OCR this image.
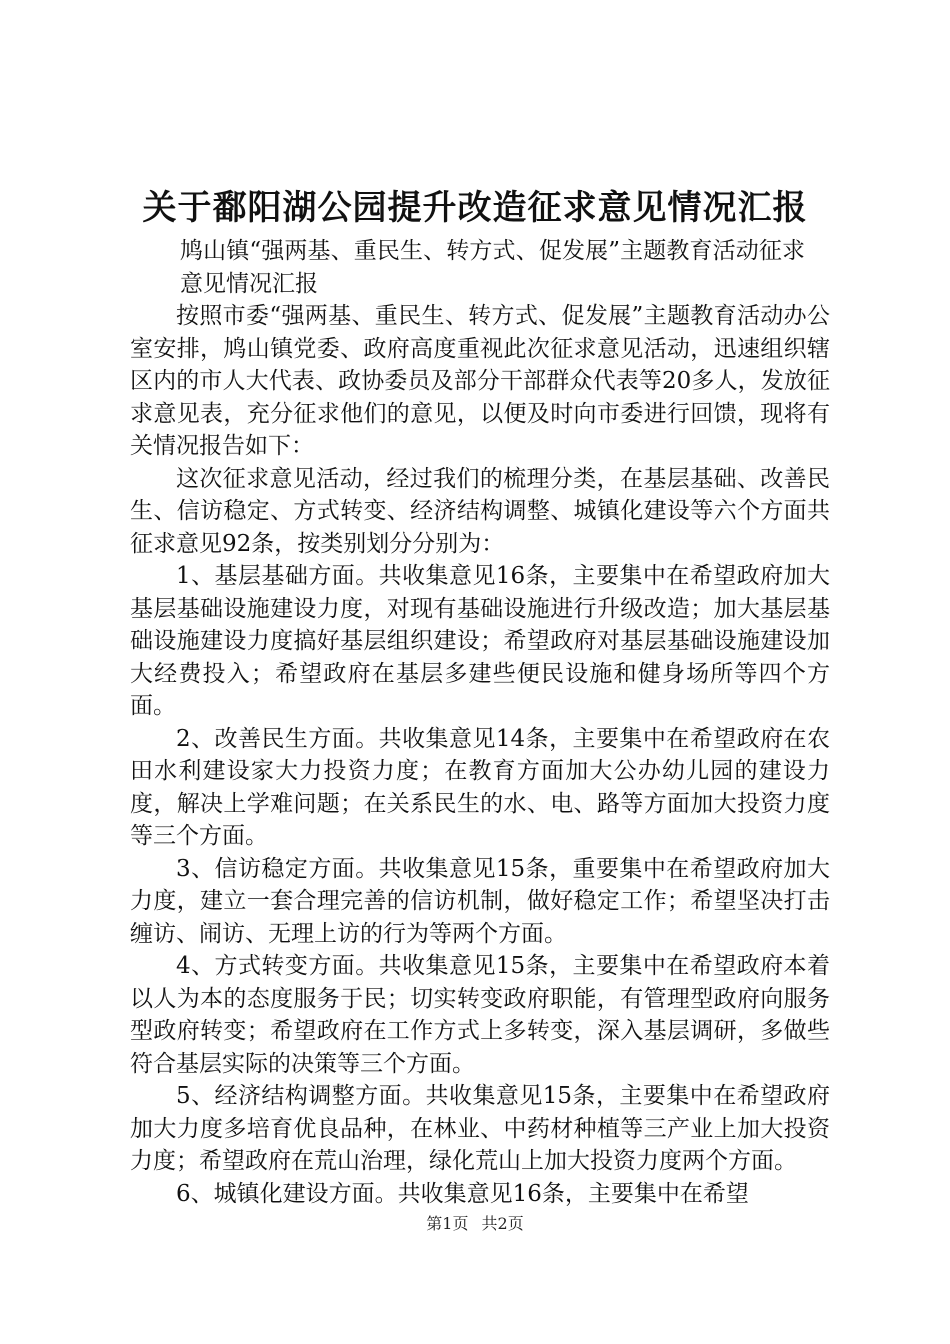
关于鄱阳湖公园提升改造征求意见情况汇报

鸠山镇“强两基、重民生、转方式、促发展”主题教育活动征求意见情况汇报

按照市委“强两基、重民生、转方式、促发展”主题教育活动办公室安排，鸠山镇党委、政府高度重视此次征求意见活动，迅速组织辖区内的市人大代表、政协委员及部分干部群众代表等20多人，发放征求意见表，充分征求他们的意见，以便及时向市委进行回馈，现将有关情况报告如下：

这次征求意见活动，经过我们的梳理分类，在基层基础、改善民生、信访稳定、方式转变、经济结构调整、城镇化建设等六个方面共征求意见92条，按类别划分分别为：

1、基层基础方面。共收集意见16条，主要集中在希望政府加大基层基础设施建设力度，对现有基础设施进行升级改造；加大基层基础设施建设力度搞好基层组织建设；希望政府对基层基础设施建设加大经费投入；希望政府在基层多建些便民设施和健身场所等四个方面。

2、改善民生方面。共收集意见14条，主要集中在希望政府在农田水利建设家大力投资力度；在教育方面加大公办幼儿园的建设力度，解决上学难问题；在关系民生的水、电、路等方面加大投资力度等三个方面。

3、信访稳定方面。共收集意见15条，重要集中在希望政府加大力度，建立一套合理完善的信访机制，做好稳定工作；希望坚决打击缠访、闹访、无理上访的行为等两个方面。

4、方式转变方面。共收集意见15条，主要集中在希望政府本着以人为本的态度服务于民；切实转变政府职能，有管理型政府向服务型政府转变；希望政府在工作方式上多转变，深入基层调研，多做些符合基层实际的决策等三个方面。

5、经济结构调整方面。共收集意见15条，主要集中在希望政府加大力度多培育优良品种，在林业、中药材种植等三产业上加大投资力度；希望政府在荒山治理，绿化荒山上加大投资力度两个方面。

6、城镇化建设方面。共收集意见16条，主要集中在希望

第1页 共2页
